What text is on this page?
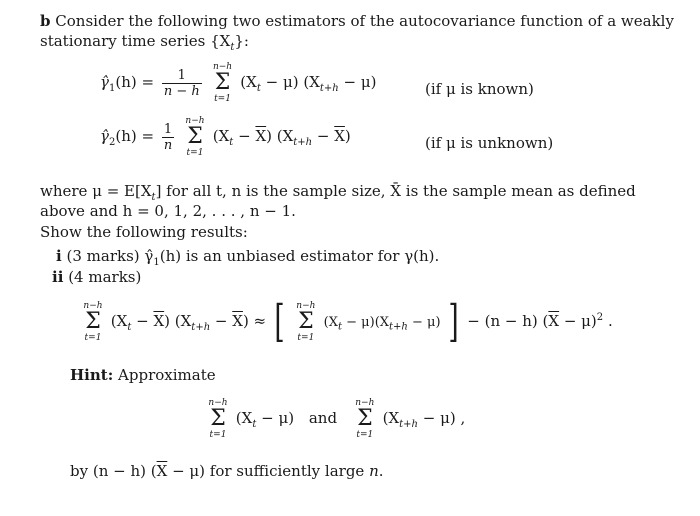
b Consider the following two estimators of the autocovariance function of a weakly
stationary time series $\{X_t\}$:
$\gammâ_1(h) = \frac{1}{n - h}$

n−h
Σ
t=1
$(X_t - \mu) (X_{t+h} - \mu)$	(if μ is known)
$\gammâ_2(h) = \frac{1}{n}$

n−h
Σ
t=1
$(X_t - \overline{X}) (X_{t+h} - \overline{X})$	(if μ is unknown)
where $\mu = E[X_t]$ for all t, n is the sample size, X̄ is the sample mean as defined
above and h = 0, 1, 2, . . . , n − 1.
Show the following results:
i (3 marks) $\gammâ_1(h)$ is an unbiased estimator for γ(h).
ii (4 marks)
n−h
Σ
t=1
$(X_t - \overline{X}) (X_{t+h} - \overline{X})$ ≈ [ n−h
Σ
t=1
$(X_t - \mu)(X_{t+h} - \mu)$ ] − (n − h) $(\overline{X} - \mu)^2$ .
Hint: Approximate
n−h
Σ
t=1
$(X_t - \mu)$ and
n−h
Σ
t=1
$(X_{t+h} - \mu)$ ,
by (n − h) $(\overline{X} - \mu)$ for sufficiently large n.
